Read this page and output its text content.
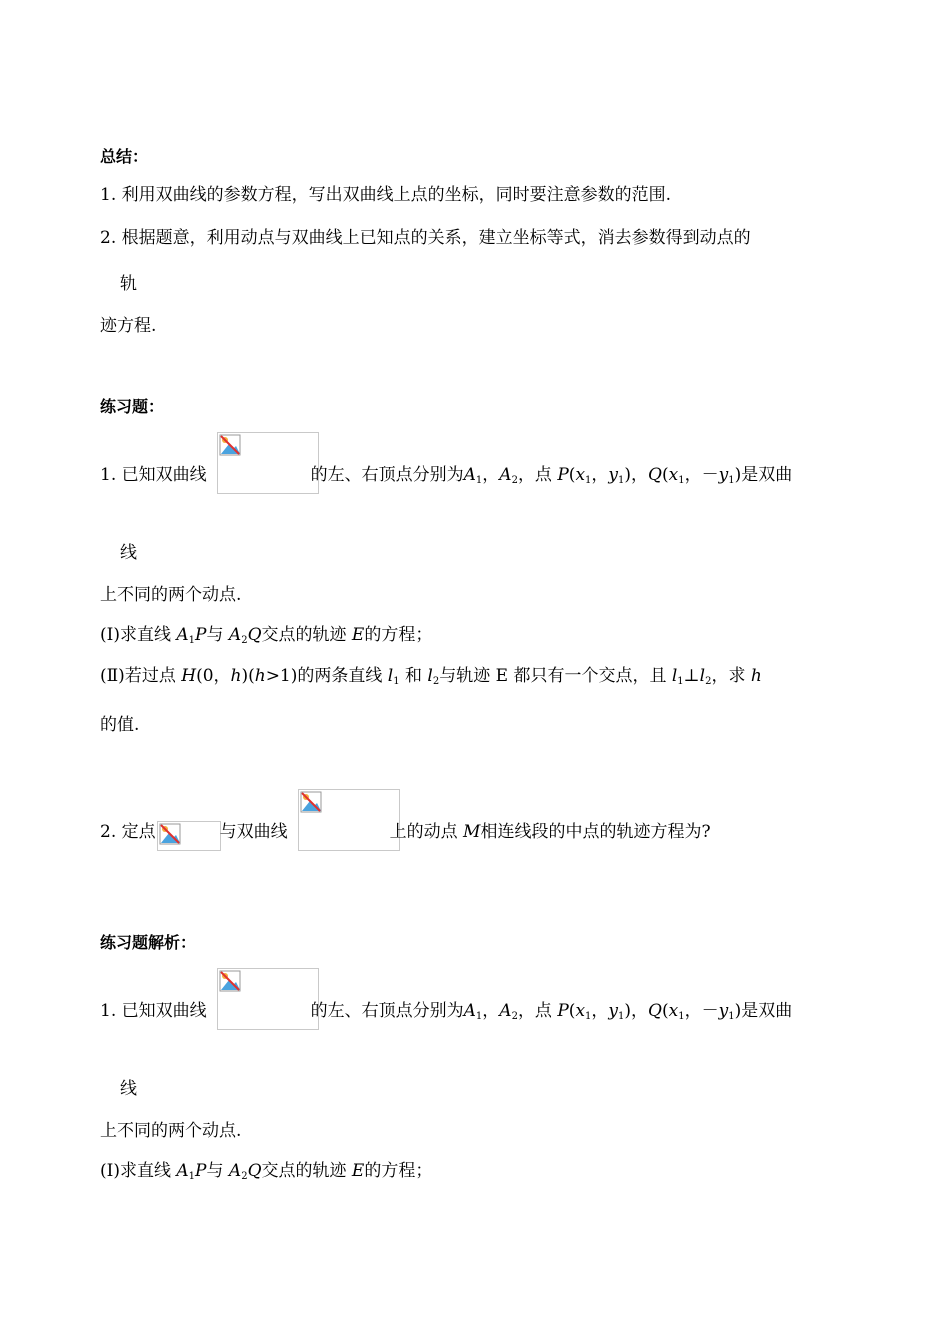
总结：
1. 利用双曲线的参数方程，写出双曲线上点的坐标，同时要注意参数的范围.
2. 根据题意，利用动点与双曲线上已知点的关系，建立坐标等式，消去参数得到动点的
轨
迹方程.
练习题：
1. 已知双曲线	的左、右顶点分别为$A_1$，$A_2$，点 $P(x_1$，$y_1$)，$Q(x_1$，$-y_1$)是双曲
线
上不同的两个动点.
(Ⅰ)求直线 $A_1P$与 $A_2Q$交点的轨迹 E的方程；
(Ⅱ)若过点 H(0，h)(h>1)的两条直线 $l_1$ 和 $l_2$与轨迹 E 都只有一个交点，且 $l_1\perp l_2$，求 h
的值.
2. 定点	与双曲线	上的动点 M相连线段的中点的轨迹方程为?
练习题解析：
1. 已知双曲线	的左、右顶点分别为$A_1$，$A_2$，点 $P(x_1$，$y_1$)，$Q(x_1$，$-y_1$)是双曲
线
上不同的两个动点.
(Ⅰ)求直线 $A_1P$与 $A_2Q$交点的轨迹 E的方程；
